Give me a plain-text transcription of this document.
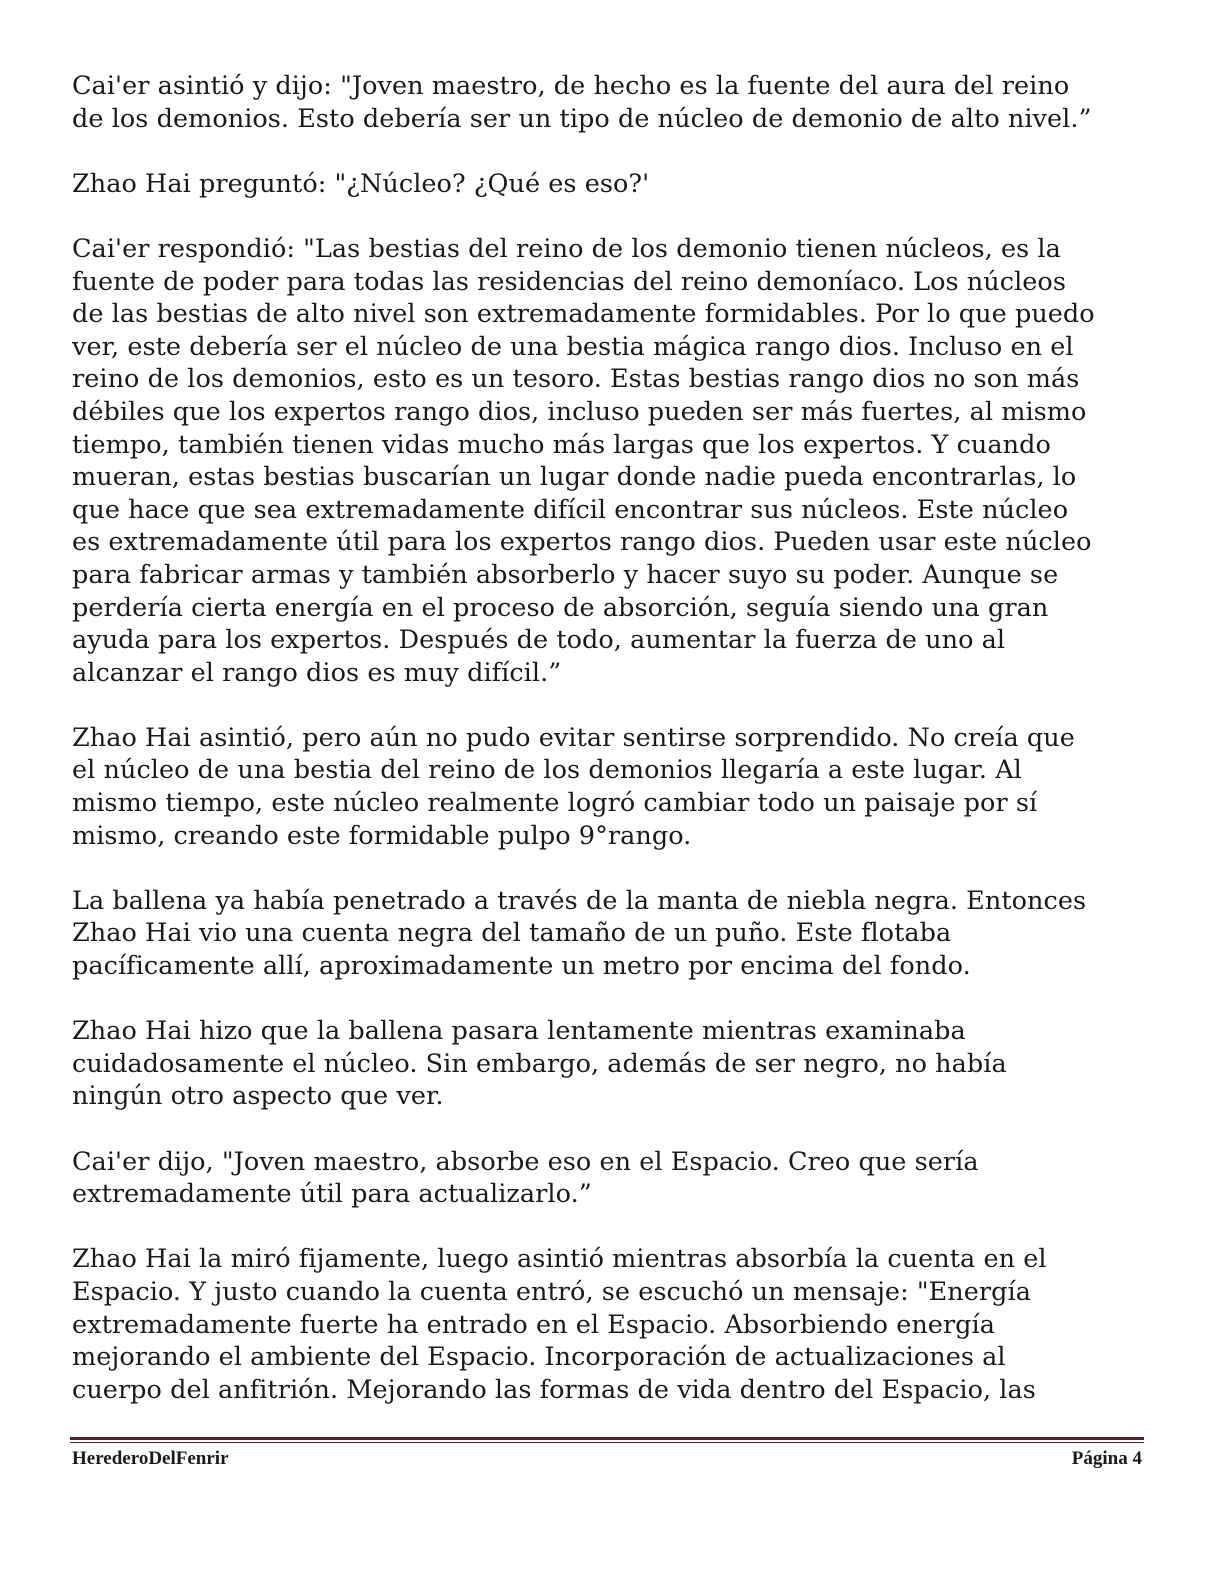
Cai'er asintió y dijo: "Joven maestro, de hecho es la fuente del aura del reino
de los demonios. Esto debería ser un tipo de núcleo de demonio de alto nivel.”

Zhao Hai preguntó: "¿Núcleo? ¿Qué es eso?'

Cai'er respondió: "Las bestias del reino de los demonio tienen núcleos, es la
fuente de poder para todas las residencias del reino demoníaco. Los núcleos
de las bestias de alto nivel son extremadamente formidables. Por lo que puedo
ver, este debería ser el núcleo de una bestia mágica rango dios. Incluso en el
reino de los demonios, esto es un tesoro. Estas bestias rango dios no son más
débiles que los expertos rango dios, incluso pueden ser más fuertes, al mismo
tiempo, también tienen vidas mucho más largas que los expertos. Y cuando
mueran, estas bestias buscarían un lugar donde nadie pueda encontrarlas, lo
que hace que sea extremadamente difícil encontrar sus núcleos. Este núcleo
es extremadamente útil para los expertos rango dios. Pueden usar este núcleo
para fabricar armas y también absorberlo y hacer suyo su poder. Aunque se
perdería cierta energía en el proceso de absorción, seguía siendo una gran
ayuda para los expertos. Después de todo, aumentar la fuerza de uno al
alcanzar el rango dios es muy difícil.”

Zhao Hai asintió, pero aún no pudo evitar sentirse sorprendido. No creía que
el núcleo de una bestia del reino de los demonios llegaría a este lugar. Al
mismo tiempo, este núcleo realmente logró cambiar todo un paisaje por sí
mismo, creando este formidable pulpo 9°rango.

La ballena ya había penetrado a través de la manta de niebla negra. Entonces
Zhao Hai vio una cuenta negra del tamaño de un puño. Este flotaba
pacíficamente allí, aproximadamente un metro por encima del fondo.

Zhao Hai hizo que la ballena pasara lentamente mientras examinaba
cuidadosamente el núcleo. Sin embargo, además de ser negro, no había
ningún otro aspecto que ver.

Cai'er dijo, "Joven maestro, absorbe eso en el Espacio. Creo que sería
extremadamente útil para actualizarlo.”

Zhao Hai la miró fijamente, luego asintió mientras absorbía la cuenta en el
Espacio. Y justo cuando la cuenta entró, se escuchó un mensaje: "Energía
extremadamente fuerte ha entrado en el Espacio. Absorbiendo energía
mejorando el ambiente del Espacio. Incorporación de actualizaciones al
cuerpo del anfitrión. Mejorando las formas de vida dentro del Espacio, las

HerederoDelFenrir	Página 4
